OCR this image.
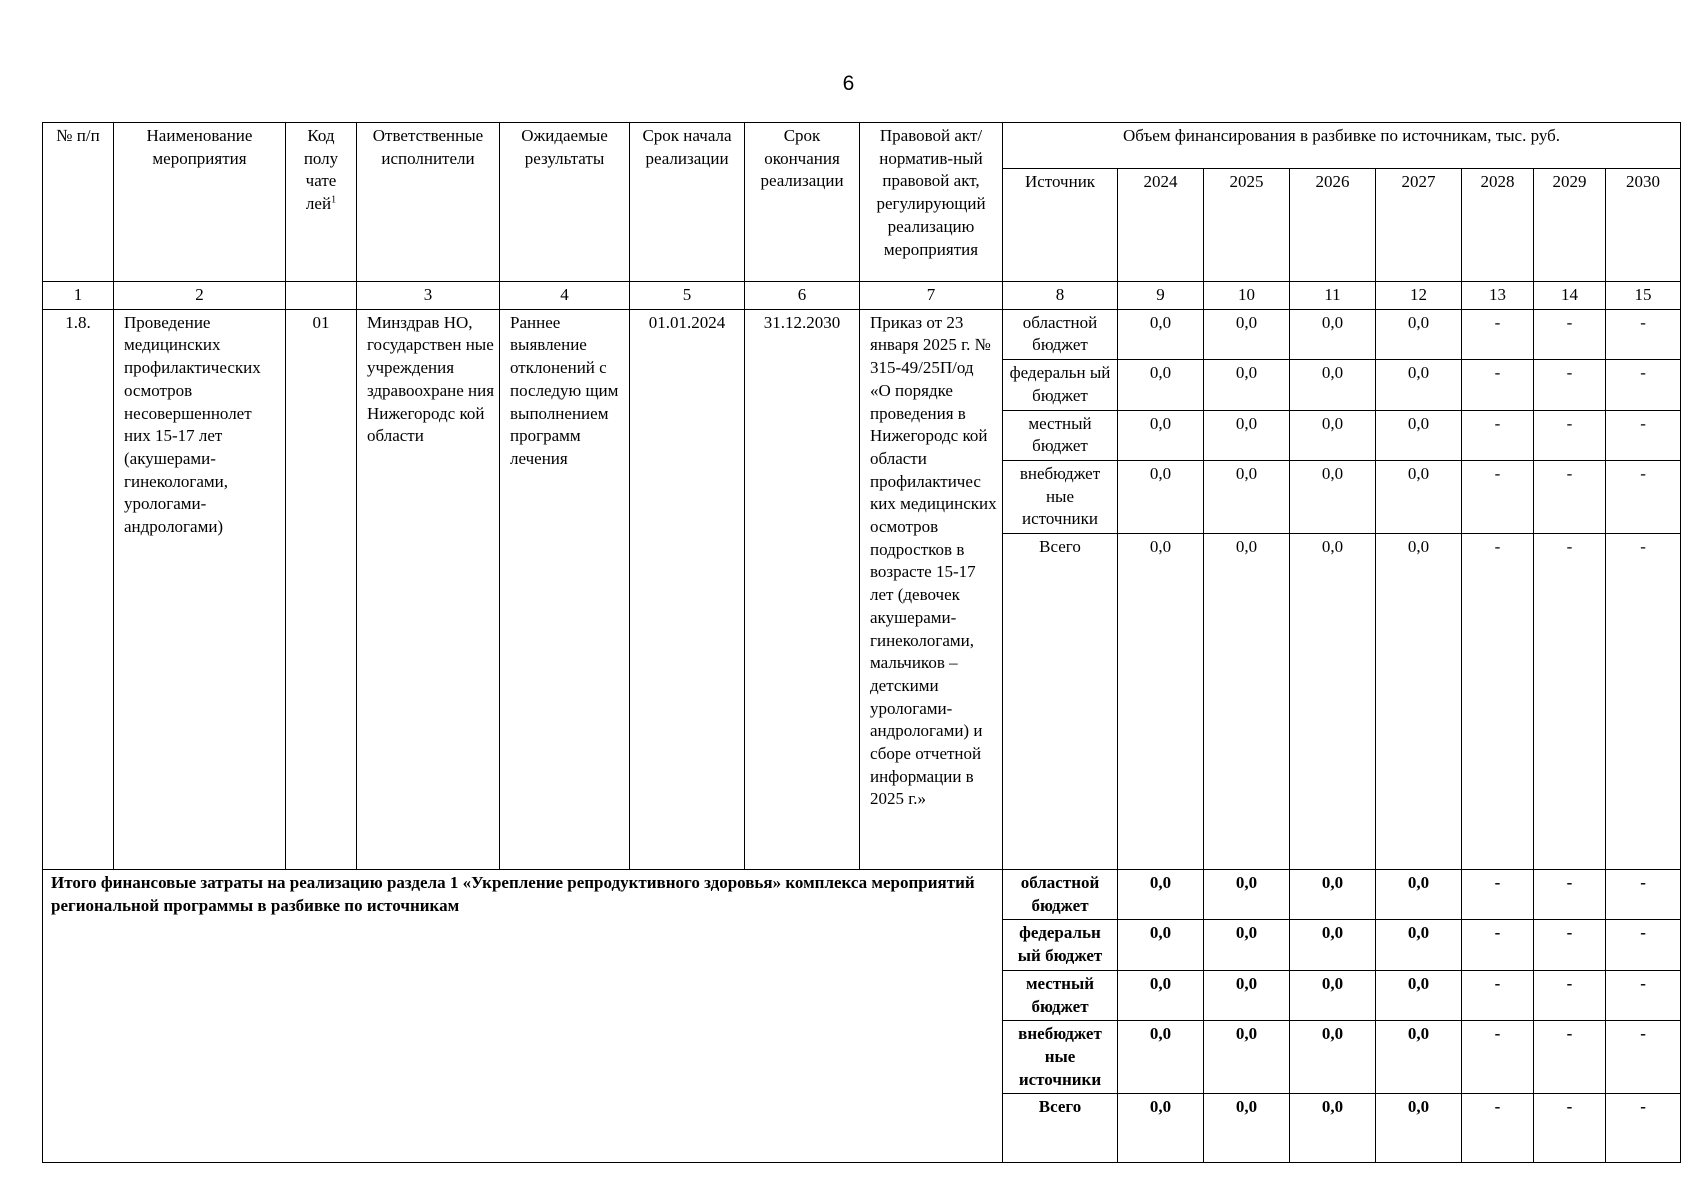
6
№ п/п	Наименование мероприятия	Код полу чате лей$^1$	Ответственные исполнители	Ожидаемые результаты	Срок начала реализации	Срок окончания реализации	Правовой акт/норматив-ный правовой акт, регулирующий реализацию мероприятия	Объем финансирования в разбивке по источникам, тыс. руб.							
								Источник	2024	2025	2026	2027	2028	2029	2030
1	2		3	4	5	6	7	8	9	10	11	12	13	14	15
1.8.	Проведение медицинских профилактических осмотров несовершеннолет них 15-17 лет (акушерами-гинекологами, урологами-андрологами)	01	Минздрав НО, государствен ные учреждения здравоохране ния Нижегородс кой области	Раннее выявление отклонений с последую щим выполнением программ лечения	01.01.2024	31.12.2030	Приказ от 23 января 2025 г. № 315-49/25П/од «О порядке проведения в Нижегородс кой области профилактичес ких медицинских осмотров подростков в возрасте 15-17 лет (девочек акушерами-гинекологами, мальчиков – детскими урологами-андрологами) и сборе отчетной информации в 2025 г.»	областной бюджет	0,0	0,0	0,0	0,0	-	-	-
								федеральн ый бюджет	0,0	0,0	0,0	0,0	-	-	-
								местный бюджет	0,0	0,0	0,0	0,0	-	-	-
								внебюджет ные источники	0,0	0,0	0,0	0,0	-	-	-
								Всего	0,0	0,0	0,0	0,0	-	-	-
Итого финансовые затраты на реализацию раздела 1 «Укрепление репродуктивного здоровья» комплекса мероприятий региональной программы в разбивке по источникам								областной бюджет	0,0	0,0	0,0	0,0	-	-	-
								федеральн ый бюджет	0,0	0,0	0,0	0,0	-	-	-
								местный бюджет	0,0	0,0	0,0	0,0	-	-	-
								внебюджет ные источники	0,0	0,0	0,0	0,0	-	-	-
								Всего	0,0	0,0	0,0	0,0	-	-	-
